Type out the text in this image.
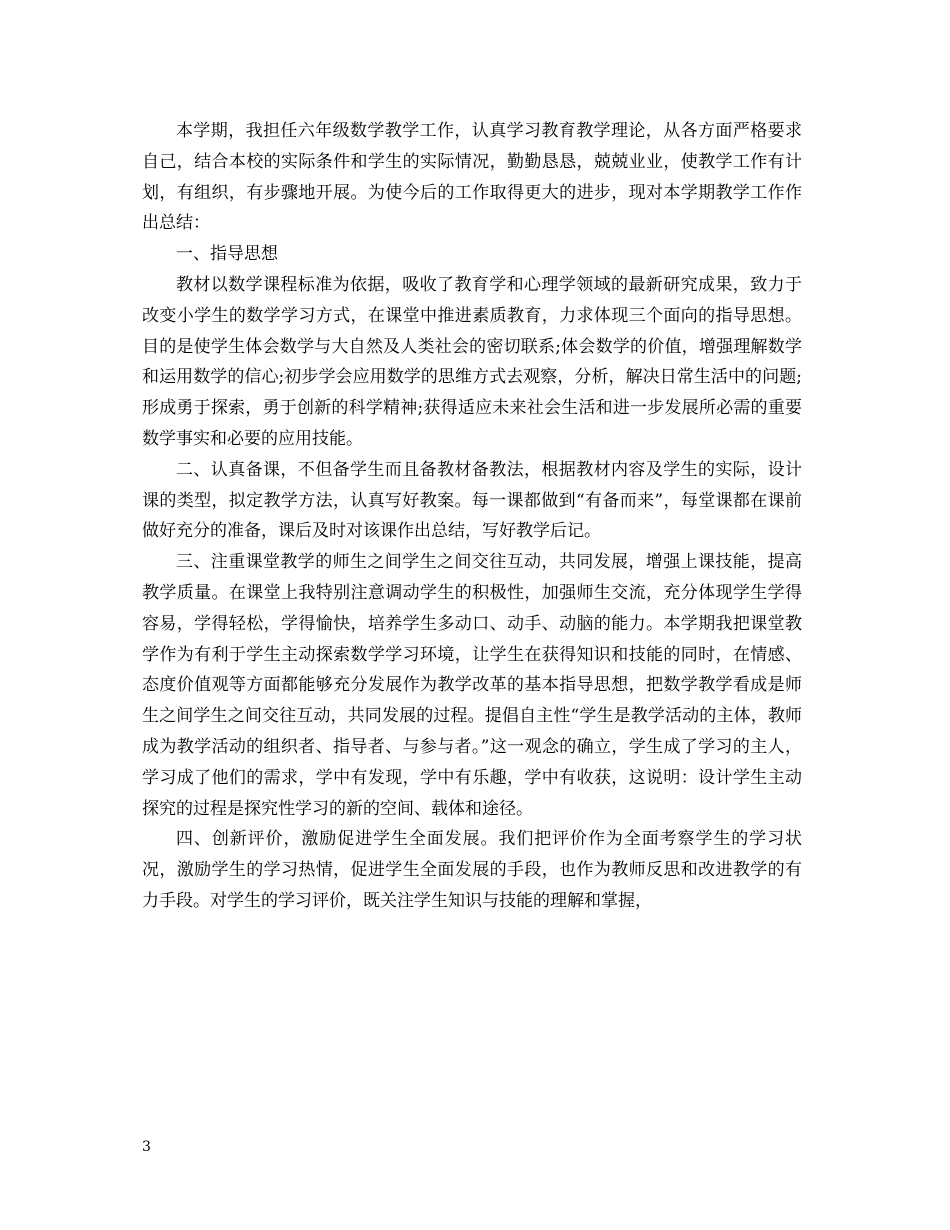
本学期，我担任六年级数学教学工作，认真学习教育教学理论，从各方面严格要求自己，结合本校的实际条件和学生的实际情况，勤勤恳恳，兢兢业业，使教学工作有计划，有组织，有步骤地开展。为使今后的工作取得更大的进步，现对本学期教学工作作出总结：

一、指导思想

教材以数学课程标准为依据，吸收了教育学和心理学领域的最新研究成果，致力于改变小学生的数学学习方式，在课堂中推进素质教育，力求体现三个面向的指导思想。目的是使学生体会数学与大自然及人类社会的密切联系;体会数学的价值，增强理解数学和运用数学的信心;初步学会应用数学的思维方式去观察，分析，解决日常生活中的问题;形成勇于探索，勇于创新的科学精神;获得适应未来社会生活和进一步发展所必需的重要数学事实和必要的应用技能。

二、认真备课，不但备学生而且备教材备教法，根据教材内容及学生的实际，设计课的类型，拟定教学方法，认真写好教案。每一课都做到“有备而来”，每堂课都在课前做好充分的准备，课后及时对该课作出总结，写好教学后记。

三、注重课堂教学的师生之间学生之间交往互动，共同发展，增强上课技能，提高教学质量。在课堂上我特别注意调动学生的积极性，加强师生交流，充分体现学生学得容易，学得轻松，学得愉快，培养学生多动口、动手、动脑的能力。本学期我把课堂教学作为有利于学生主动探索数学学习环境，让学生在获得知识和技能的同时，在情感、态度价值观等方面都能够充分发展作为教学改革的基本指导思想，把数学教学看成是师生之间学生之间交往互动，共同发展的过程。提倡自主性“学生是教学活动的主体，教师成为教学活动的组织者、指导者、与参与者。”这一观念的确立，学生成了学习的主人，学习成了他们的需求，学中有发现，学中有乐趣，学中有收获，这说明：设计学生主动探究的过程是探究性学习的新的空间、载体和途径。

四、创新评价，激励促进学生全面发展。我们把评价作为全面考察学生的学习状况，激励学生的学习热情，促进学生全面发展的手段，也作为教师反思和改进教学的有力手段。对学生的学习评价，既关注学生知识与技能的理解和掌握，

3
